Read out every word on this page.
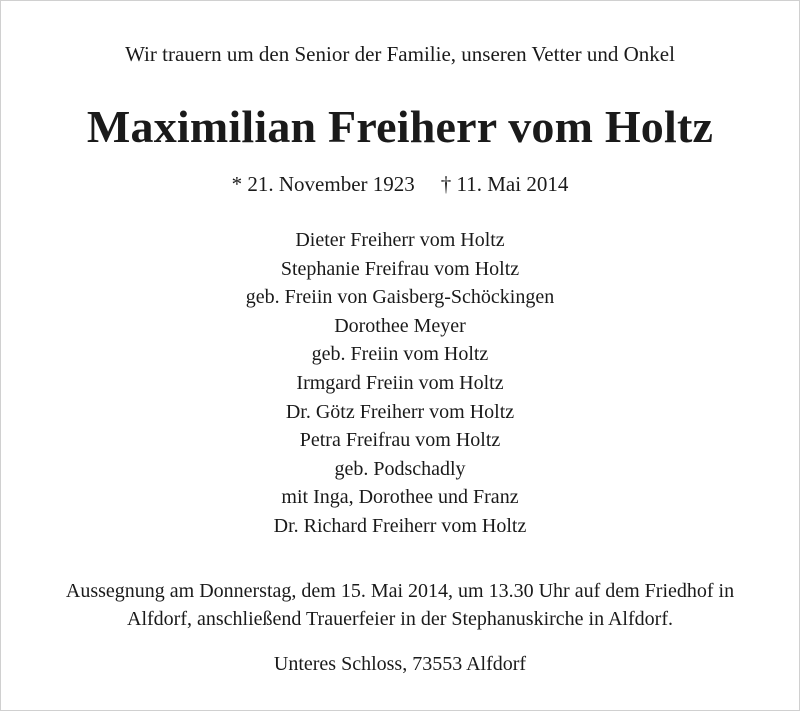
Wir trauern um den Senior der Familie, unseren Vetter und Onkel
Maximilian Freiherr vom Holtz
* 21. November 1923 † 11. Mai 2014
Dieter Freiherr vom Holtz
Stephanie Freifrau vom Holtz
geb. Freiin von Gaisberg-Schöckingen
Dorothee Meyer
geb. Freiin vom Holtz
Irmgard Freiin vom Holtz
Dr. Götz Freiherr vom Holtz
Petra Freifrau vom Holtz
geb. Podschadly
mit Inga, Dorothee und Franz
Dr. Richard Freiherr vom Holtz
Aussegnung am Donnerstag, dem 15. Mai 2014, um 13.30 Uhr auf dem Friedhof in
Alfdorf, anschließend Trauerfeier in der Stephanuskirche in Alfdorf.
Unteres Schloss, 73553 Alfdorf
